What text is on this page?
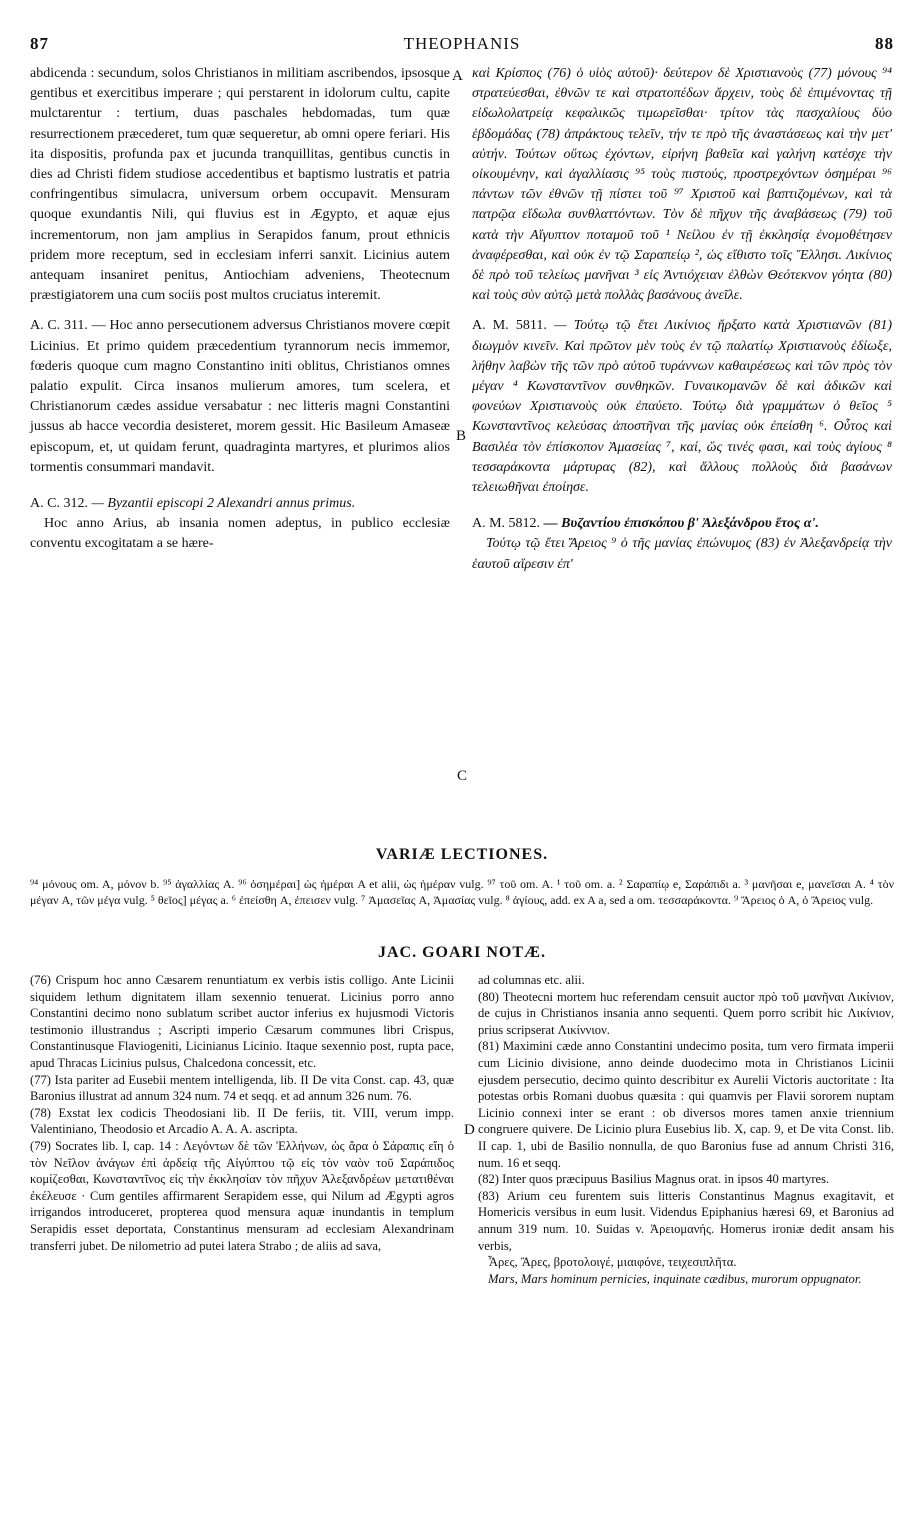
87	THEOPHANIS	88

abdicenda : secundum, solos Christianos in militiam ascribendos, ipsosque gentibus et exercitibus imperare ; qui perstarent in idolorum cultu, capite mulctarentur : tertium, duas paschales hebdomadas, tum quæ resurrectionem præcederet, tum quæ sequeretur, ab omni opere feriari. His ita dispositis, profunda pax et jucunda tranquillitas, gentibus cunctis in dies ad Christi fidem studiose accedentibus et baptismo lustratis et patria confringentibus simulacra, universum orbem occupavit. Mensuram quoque exundantis Nili, qui fluvius est in Ægypto, et aquæ ejus incrementorum, non jam amplius in Serapidos fanum, prout ethnicis pridem more receptum, sed in ecclesiam inferri sanxit. Licinius autem antequam insaniret penitus, Antiochiam adveniens, Theotecnum præstigiatorem una cum sociis post multos cruciatus interemit.

A. C. 311. — Hoc anno persecutionem adversus Christianos movere cœpit Licinius. Et primo quidem præcedentium tyrannorum necis immemor, fœderis quoque cum magno Constantino initi oblitus, Christianos omnes palatio expulit. Circa insanos mulierum amores, tum scelera, et Christianorum cædes assidue versabatur : nec litteris magni Constantini jussus ab hacce vecordia desisteret, morem gessit. Hic Basileum Amaseæ episcopum, et, ut quidam ferunt, quadraginta martyres, et plurimos alios tormentis consummari mandavit.

A. C. 312. — Byzantii episcopi 2 Alexandri annus primus.

Hoc anno Arius, ab insania nomen adeptus, in publico ecclesiæ conventu excogitatam a se hære-

καὶ Κρίσπος (76) ὁ υἱὸς αὐτοῦ)· δεύτερον δὲ Χριστιανοὺς (77) μόνους ⁹⁴ στρατεύεσθαι, ἐθνῶν τε καὶ στρατοπέδων ἄρχειν, τοὺς δὲ ἐπιμένοντας τῇ εἰδωλολατρείᾳ κεφαλικῶς τιμωρεῖσθαι· τρίτον τὰς πασχαλίους δύο ἑβδομάδας (78) ἀπράκτους τελεῖν, τήν τε πρὸ τῆς ἀναστάσεως καὶ τὴν μετ' αὐτήν. Τούτων οὕτως ἐχόντων, εἰρήνη βαθεῖα καὶ γαλήνη κατέσχε τὴν οἰκουμένην, καὶ ἀγαλλίασις ⁹⁵ τοὺς πιστούς, προστρεχόντων ὁσημέραι ⁹⁶ πάντων τῶν ἐθνῶν τῇ πίστει τοῦ ⁹⁷ Χριστοῦ καὶ βαπτιζομένων, καὶ τὰ πατρῷα εἴδωλα συνθλαττόντων. Τὸν δὲ πῆχυν τῆς ἀναβάσεως (79) τοῦ κατὰ τὴν Αἴγυπτον ποταμοῦ τοῦ ¹ Νείλου ἐν τῇ ἐκκλησίᾳ ἐνομοθέτησεν ἀναφέρεσθαι, καὶ οὐκ ἐν τῷ Σαραπείῳ ², ὡς εἴθιστο τοῖς Ἕλλησι. Λικίνιος δὲ πρὸ τοῦ τελείως μανῆναι ³ εἰς Ἀντιόχειαν ἐλθὼν Θεότεκνον γόητα (80) καὶ τοὺς σὺν αὐτῷ μετὰ πολλὰς βασάνους ἀνεῖλε.

A. M. 5811. — Τούτῳ τῷ ἔτει Λικίνιος ἤρξατο κατὰ Χριστιανῶν (81) διωγμὸν κινεῖν. Καὶ πρῶτον μὲν τοὺς ἐν τῷ παλατίῳ Χριστιανοὺς ἐδίωξε, λήθην λαβὼν τῆς τῶν πρὸ αὐτοῦ τυράννων καθαιρέσεως καὶ τῶν πρὸς τὸν μέγαν ⁴ Κωνσταντῖνον συνθηκῶν. Γυναικομανῶν δὲ καὶ ἀδικῶν καὶ φονεύων Χριστιανοὺς οὐκ ἐπαύετο. Τούτῳ διὰ γραμμάτων ὁ θεῖος ⁵ Κωνσταντῖνος κελεύσας ἀποστῆναι τῆς μανίας οὐκ ἐπείσθη ⁶. Οὗτος καὶ Βασιλέα τὸν ἐπίσκοπον Ἀμασείας ⁷, καί, ὥς τινές φασι, καὶ τοὺς ἁγίους ⁸ τεσσαράκοντα μάρτυρας (82), καὶ ἄλλους πολλοὺς διὰ βασάνων τελειωθῆναι ἐποίησε.

A. M. 5812. — Βυζαντίου ἐπισκόπου β' Ἀλεξάνδρου ἔτος α'.

Τούτῳ τῷ ἔτει Ἄρειος ⁹ ὁ τῆς μανίας ἐπώνυμος (83) ἐν Ἀλεξανδρείᾳ τὴν ἑαυτοῦ αἵρεσιν ἐπ'

A
B
C
D
VARIÆ LECTIONES.
⁹⁴ μόνους om. A, μόνον b. ⁹⁵ ἀγαλλίας A. ⁹⁶ ὁσημέραι] ὡς ἡμέραι A et alii, ὡς ἡμέραν vulg. ⁹⁷ τοῦ om. A. ¹ τοῦ om. a. ² Σαραπίῳ e, Σαράπιδι a. ³ μανῆσαι e, μανεῖσαι A. ⁴ τὸν μέγαν A, τῶν μέγα vulg. ⁵ θεῖος] μέγας a. ⁶ ἐπείσθη A, ἐπεισεν vulg. ⁷ Ἀμασεῖας A, Ἀμασίας vulg. ⁸ ἁγίους, add. ex A a, sed a om. τεσσαράκοντα. ⁹ Ἄρειος ὁ A, ὁ Ἄρειος vulg.
JAC. GOARI NOTÆ.

(76) Crispum hoc anno Cæsarem renuntiatum ex verbis istis colligo. Ante Licinii siquidem lethum dignitatem illam sexennio tenuerat. Licinius porro anno Constantini decimo nono sublatum scribet auctor inferius ex hujusmodi Victoris testimonio illustrandus ; Ascripti imperio Cæsarum communes libri Crispus, Constantinusque Flaviogeniti, Licinianus Licinio. Itaque sexennio post, rupta pace, apud Thracas Licinius pulsus, Chalcedona concessit, etc.

(77) Ista pariter ad Eusebii mentem intelligenda, lib. II De vita Const. cap. 43, quæ Baronius illustrat ad annum 324 num. 74 et seqq. et ad annum 326 num. 76.

(78) Exstat lex codicis Theodosiani lib. II De feriis, tit. VIII, verum impp. Valentiniano, Theodosio et Arcadio A. A. A. ascripta.

(79) Socrates lib. I, cap. 14 : Λεγόντων δὲ τῶν Ἑλλήνων, ὡς ἄρα ὁ Σάραπις εἴη ὁ τὸν Νεῖλον ἀνάγων ἐπὶ ἀρδείᾳ τῆς Αἰγύπτου τῷ εἰς τὸν ναὸν τοῦ Σαράπιδος κομίζεσθαι, Κωνσταντῖνος εἰς τὴν ἐκκλησίαν τὸν πῆχυν Ἀλεξανδρέων μετατιθέναι ἐκέλευσε · Cum gentiles affirmarent Serapidem esse, qui Nilum ad Ægypti agros irrigandos introduceret, propterea quod mensura aquæ inundantis in templum Serapidis esset deportata, Constantinus mensuram ad ecclesiam Alexandrinam transferri jubet. De nilometrio ad putei latera Strabo ; de aliis ad sava,

ad columnas etc. alii.

(80) Theotecni mortem huc referendam censuit auctor πρὸ τοῦ μανῆναι Λικίνιον, de cujus in Christianos insania anno sequenti. Quem porro scribit hic Λικίνιον, prius scripserat Λικίννιον.

(81) Maximini cæde anno Constantini undecimo posita, tum vero firmata imperii cum Licinio divisione, anno deinde duodecimo mota in Christianos Licinii ejusdem persecutio, decimo quinto describitur ex Aurelii Victoris auctoritate : Ita potestas orbis Romani duobus quæsita : qui quamvis per Flavii sororem nuptam Licinio connexi inter se erant : ob diversos mores tamen anxie triennium congruere quivere. De Licinio plura Eusebius lib. X, cap. 9, et De vita Const. lib. II cap. 1, ubi de Basilio nonnulla, de quo Baronius fuse ad annum Christi 316, num. 16 et seqq.

(82) Inter quos præcipuus Basilius Magnus orat. in ipsos 40 martyres.

(83) Arium ceu furentem suis litteris Constantinus Magnus exagitavit, et Homericis versibus in eum lusit. Videndus Epiphanius hæresi 69, et Baronius ad annum 319 num. 10. Suidas v. Ἀρειομανής. Homerus ironiæ dedit ansam his verbis,

Ἆρες, Ἄρες, βροτολοιγέ, μιαιφόνε, τειχεσιπλῆτα.

Mars, Mars hominum pernicies, inquinate cædibus, murorum oppugnator.
